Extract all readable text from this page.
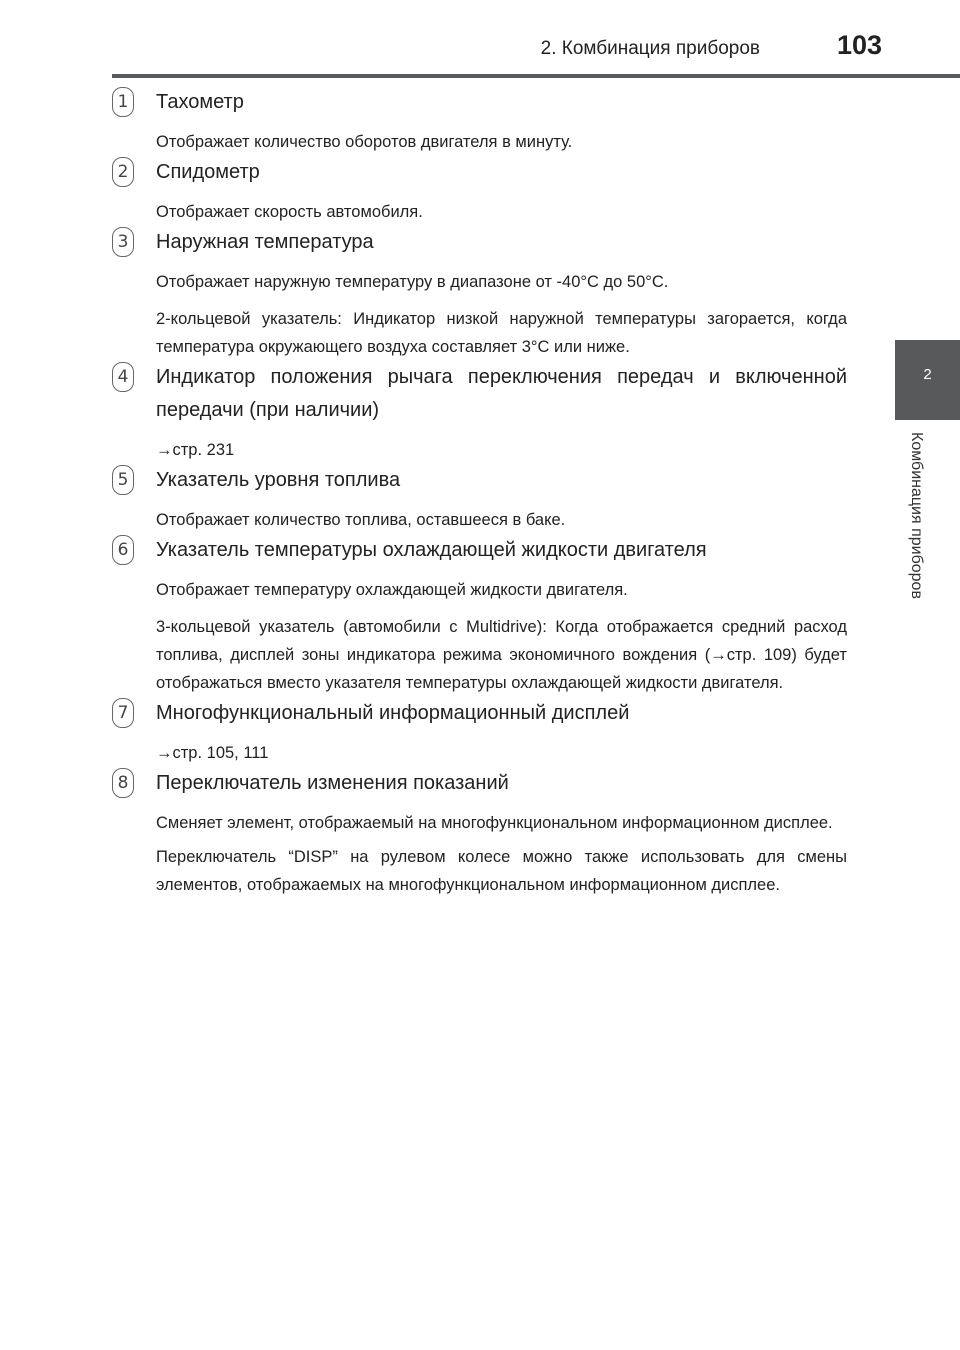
2. Комбинация приборов	103
2
Комбинация приборов
1 Тахометр
Отображает количество оборотов двигателя в минуту.
2 Спидометр
Отображает скорость автомобиля.
3 Наружная температура
Отображает наружную температуру в диапазоне от -40°C до 50°C.
2-кольцевой указатель: Индикатор низкой наружной температуры загорается, когда температура окружающего воздуха составляет 3°C или ниже.
4 Индикатор положения рычага переключения передач и включенной передачи (при наличии)
→стр. 231
5 Указатель уровня топлива
Отображает количество топлива, оставшееся в баке.
6 Указатель температуры охлаждающей жидкости двигателя
Отображает температуру охлаждающей жидкости двигателя.
3-кольцевой указатель (автомобили с Multidrive): Когда отображается средний расход топлива, дисплей зоны индикатора режима экономичного вождения (→стр. 109) будет отображаться вместо указателя температуры охлаждающей жидкости двигателя.
7 Многофункциональный информационный дисплей
→стр. 105, 111
8 Переключатель изменения показаний
Сменяет элемент, отображаемый на многофункциональном информационном дисплее.
Переключатель “DISP” на рулевом колесе можно также использовать для смены элементов, отображаемых на многофункциональном информационном дисплее.
